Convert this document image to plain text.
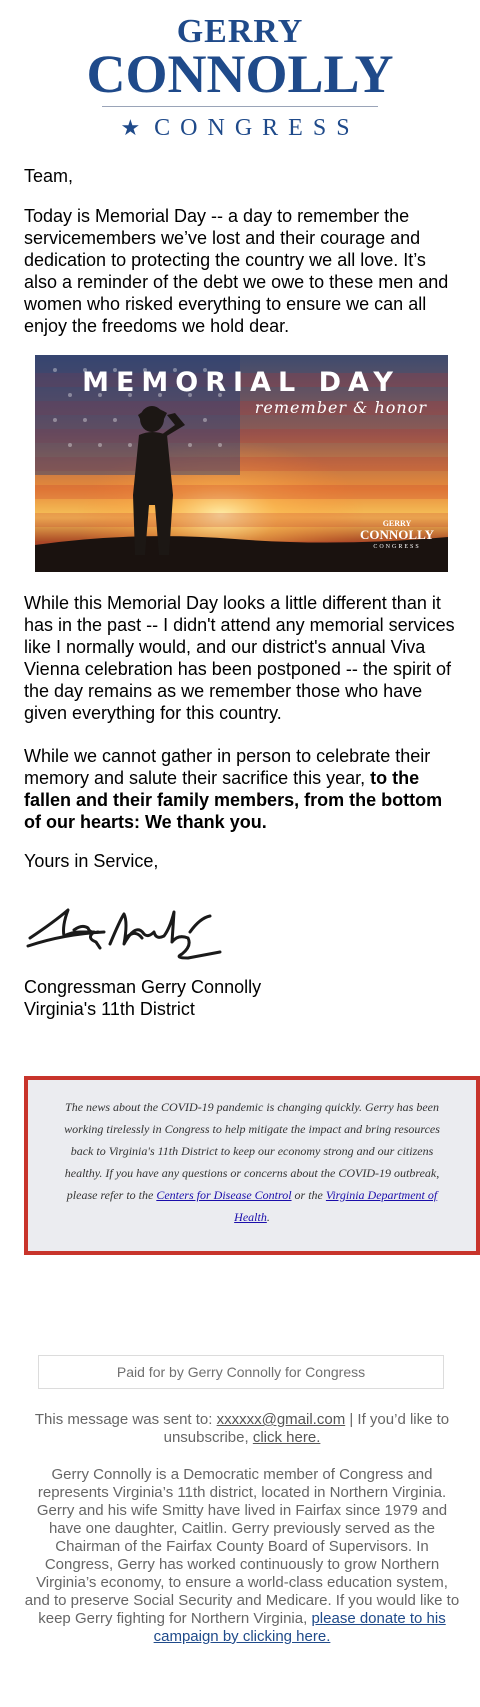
GERRY
CONNOLLY
★ CONGRESS
Team,
Today is Memorial Day -- a day to remember the servicemembers we’ve lost and their courage and dedication to protecting the country we all love. It’s also a reminder of the debt we owe to these men and women who risked everything to ensure we can all enjoy the freedoms we hold dear.
MEMORIAL DAY
remember & honor
GERRY
CONNOLLY
CONGRESS
While this Memorial Day looks a little different than it has in the past -- I didn't attend any memorial services like I normally would, and our district's annual Viva Vienna celebration has been postponed -- the spirit of the day remains as we remember those who have given everything for this country.
While we cannot gather in person to celebrate their memory and salute their sacrifice this year, to the fallen and their family members, from the bottom of our hearts: We thank you.
Yours in Service,
Congressman Gerry Connolly
Virginia's 11th District

The news about the COVID-19 pandemic is changing quickly. Gerry has been working tirelessly in Congress to help mitigate the impact and bring resources back to Virginia's 11th District to keep our economy strong and our citizens healthy. If you have any questions or concerns about the COVID-19 outbreak, please refer to the Centers for Disease Control or the Virginia Department of Health.

Paid for by Gerry Connolly for Congress
This message was sent to: xxxxxx@gmail.com | If you’d like to unsubscribe, click here.
Gerry Connolly is a Democratic member of Congress and represents Virginia’s 11th district, located in Northern Virginia. Gerry and his wife Smitty have lived in Fairfax since 1979 and have one daughter, Caitlin. Gerry previously served as the Chairman of the Fairfax County Board of Supervisors. In Congress, Gerry has worked continuously to grow Northern Virginia’s economy, to ensure a world-class education system, and to preserve Social Security and Medicare. If you would like to keep Gerry fighting for Northern Virginia, please donate to his campaign by clicking here.
